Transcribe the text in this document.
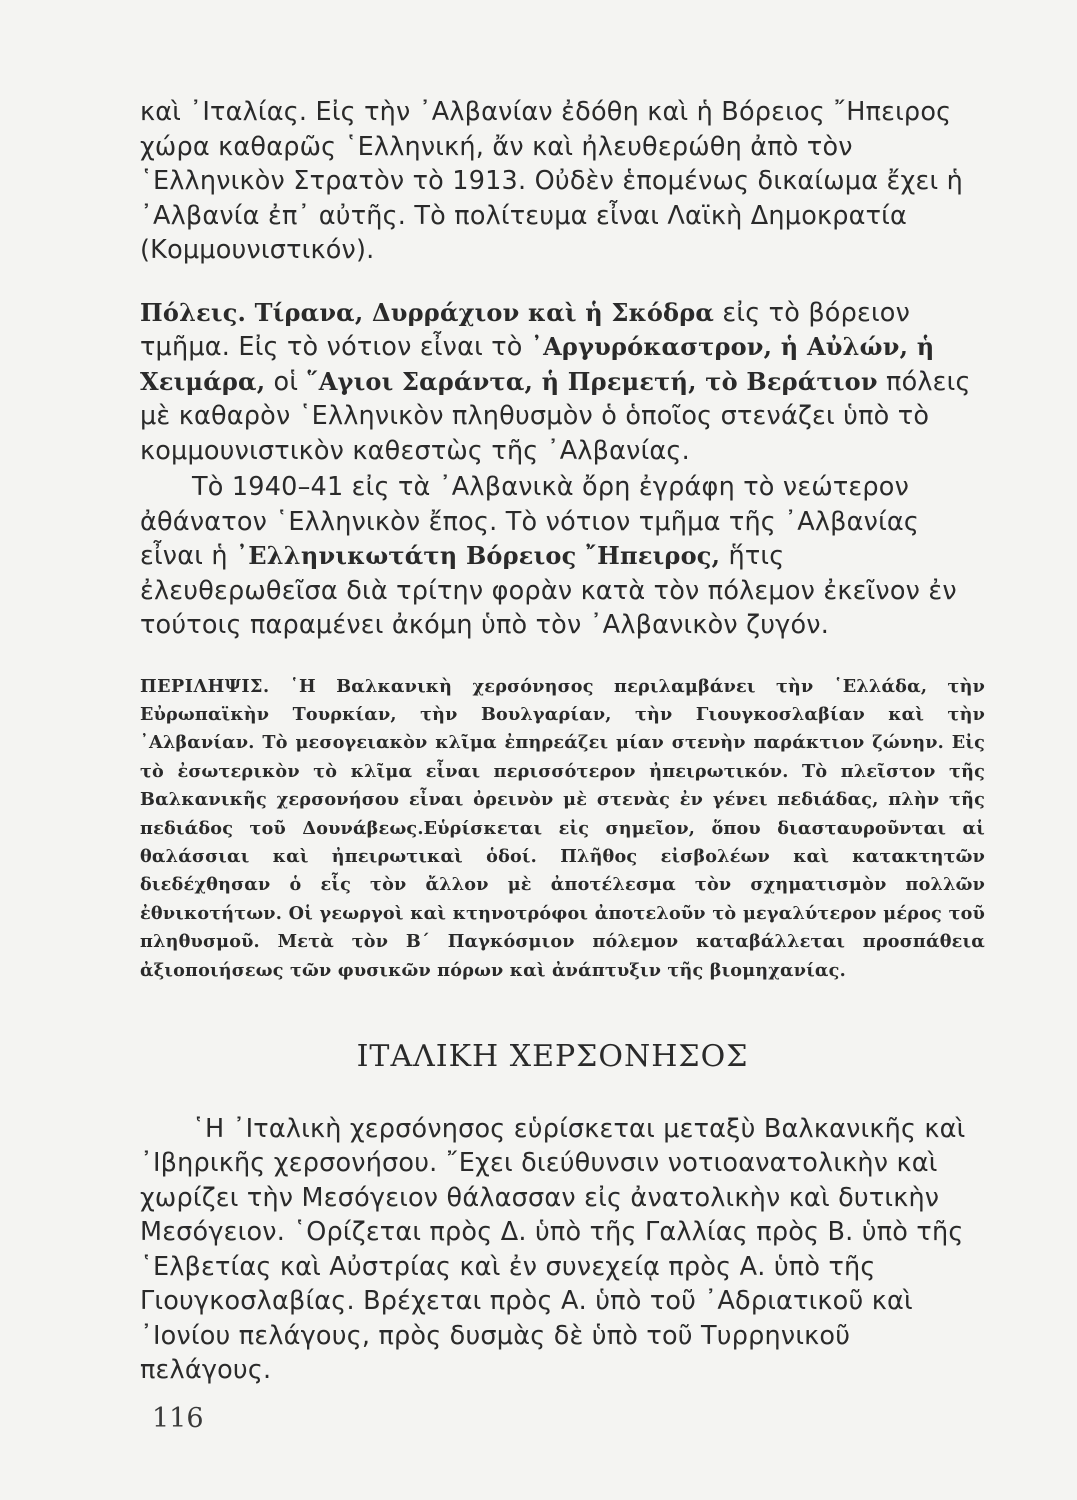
καὶ ᾿Ιταλίας. Εἰς τὴν ᾿Αλβανίαν ἐδόθη καὶ ἡ Βόρειος ῎Ηπειρος χώρα καθαρῶς ῾Ελληνική, ἄν καὶ ἠλευθερώθη ἀπὸ τὸν ῾Ελληνικὸν Στρατὸν τὸ 1913. Οὐδὲν ἑπομένως δικαίωμα ἔχει ἡ ᾿Αλβανία ἐπ᾿ αὐτῆς. Τὸ πολίτευμα εἶναι Λαϊκὴ Δημοκρατία (Κομμουνιστικόν).

Πόλεις. Τίρανα, Δυρράχιον καὶ ἡ Σκόδρα εἰς τὸ βόρειον τμῆμα. Εἰς τὸ νότιον εἶναι τὸ ᾿Αργυρόκαστρον, ἡ Αὐλών, ἡ Χειμάρα, οἱ ῞Αγιοι Σαράντα, ἡ Πρεμετή, τὸ Βεράτιον πόλεις μὲ καθαρὸν ῾Ελληνικὸν πληθυσμὸν ὁ ὁποῖος στενάζει ὑπὸ τὸ κομμουνιστικὸν καθεστὼς τῆς ᾿Αλβανίας.

Τὸ 1940–41 εἰς τὰ ᾿Αλβανικὰ ὄρη ἐγράφη τὸ νεώτερον ἀθάνατον ῾Ελληνικὸν ἔπος. Τὸ νότιον τμῆμα τῆς ᾿Αλβανίας εἶναι ἡ ᾿Ελληνικωτάτη Βόρειος ῎Ηπειρος, ἥτις ἐλευθερωθεῖσα διὰ τρίτην φορὰν κατὰ τὸν πόλεμον ἐκεῖνον ἐν τούτοις παραμένει ἀκόμη ὑπὸ τὸν ᾿Αλβανικὸν ζυγόν.

ΠΕΡΙΛΗΨΙΣ. ῾Η Βαλκανικὴ χερσόνησος περιλαμβάνει τὴν ῾Ελλάδα, τὴν Εὐρωπαϊκὴν Τουρκίαν, τὴν Βουλγαρίαν, τὴν Γιουγκοσλαβίαν καὶ τὴν ᾿Αλβανίαν. Τὸ μεσογειακὸν κλῖμα ἐπηρεάζει μίαν στενὴν παράκτιον ζώνην. Εἰς τὸ ἐσωτερικὸν τὸ κλῖμα εἶναι περισσότερον ἠπειρωτικόν. Τὸ πλεῖστον τῆς Βαλκανικῆς χερσονήσου εἶναι ὀρεινὸν μὲ στενὰς ἐν γένει πεδιάδας, πλὴν τῆς πεδιάδος τοῦ Δουνάβεως.Εὑρίσκεται εἰς σημεῖον, ὅπου διασταυροῦνται αἱ θαλάσσιαι καὶ ἠπειρωτικαὶ ὁδοί. Πλῆθος εἰσβολέων καὶ κατακτητῶν διεδέχθησαν ὁ εἷς τὸν ἄλλον μὲ ἀποτέλεσμα τὸν σχηματισμὸν πολλῶν ἐθνικοτήτων. Οἱ γεωργοὶ καὶ κτηνοτρόφοι ἀποτελοῦν τὸ μεγαλύτερον μέρος τοῦ πληθυσμοῦ. Μετὰ τὸν Β΄ Παγκόσμιον πόλεμον καταβάλλεται προσπάθεια ἀξιοποιήσεως τῶν φυσικῶν πόρων καὶ ἀνάπτυξιν τῆς βιομηχανίας.

ΙΤΑΛΙΚΗ ΧΕΡΣΟΝΗΣΟΣ

῾Η ᾿Ιταλικὴ χερσόνησος εὑρίσκεται μεταξὺ Βαλκανικῆς καὶ ᾿Ιβηρικῆς χερσονήσου. ῎Εχει διεύθυνσιν νοτιοανατολικὴν καὶ χωρίζει τὴν Μεσόγειον θάλασσαν εἰς ἀνατολικὴν καὶ δυτικὴν Μεσόγειον. ῾Ορίζεται πρὸς Δ. ὑπὸ τῆς Γαλλίας πρὸς Β. ὑπὸ τῆς ῾Ελβετίας καὶ Αὐστρίας καὶ ἐν συνεχείᾳ πρὸς Α. ὑπὸ τῆς Γιουγκοσλαβίας. Βρέχεται πρὸς Α. ὑπὸ τοῦ ᾿Αδριατικοῦ καὶ ᾿Ιονίου πελάγους, πρὸς δυσμὰς δὲ ὑπὸ τοῦ Τυρρηνικοῦ πελάγους.

116
